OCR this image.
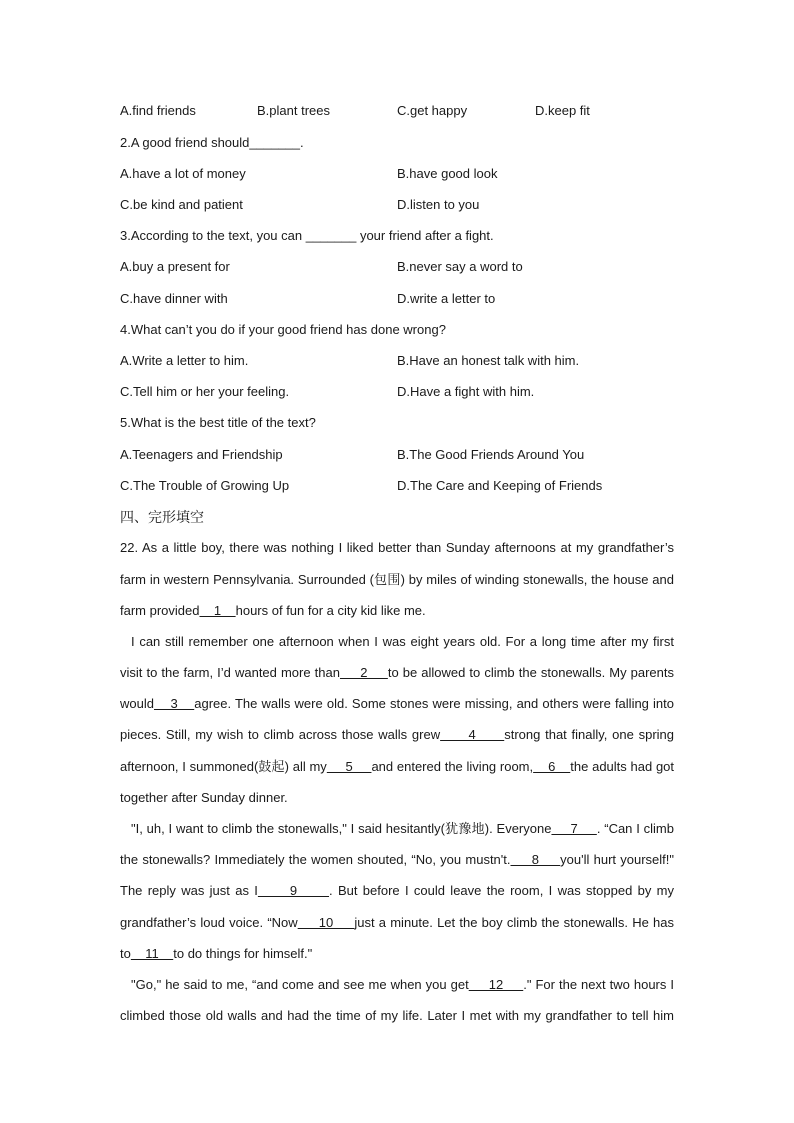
A.find friends	B.plant trees	C.get happy	D.keep fit
2.A good friend should_______.
A.have a lot of money	B.have good look
C.be kind and patient	D.listen to you
3.According to the text, you can _______ your friend after a fight.
A.buy a present for	B.never say a word to
C.have dinner with	D.write a letter to
4.What can’t you do if your good friend has done wrong?
A.Write a letter to him.	B.Have an honest talk with him.
C.Tell him or her your feeling.	D.Have a fight with him.
5.What is the best title of the text?
A.Teenagers and Friendship	B.The Good Friends Around You
C.The Trouble of Growing Up	D.The Care and Keeping of Friends
四、完形填空
22. As a little boy, there was nothing I liked better than Sunday afternoons at my grandfather’s
farm in western Pennsylvania. Surrounded (包围) by miles of winding stonewalls, the house and
farm provided    1    hours of fun for a city kid like me.
I can still remember one afternoon when I was eight years old. For a long time after my first
visit to the farm, I’d wanted more than     2     to be allowed to climb the stonewalls. My parents
would    3    agree. The walls were old. Some stones were missing, and others were falling into
pieces. Still, my wish to climb across those walls grew      4      strong that finally, one spring
afternoon, I summoned(鼓起) all my     5     and entered the living room,    6    the adults had got
together after Sunday dinner.
"I, uh, I want to climb the stonewalls," I said hesitantly(犹豫地). Everyone     7     . “Can I climb
the stonewalls? Immediately the women shouted, “No, you mustn't.     8     you'll hurt yourself!"
The reply was just as I      9      . But before I could leave the room, I was stopped by my
grandfather’s loud voice. “Now     10     just a minute. Let the boy climb the stonewalls. He has
to    11    to do things for himself."
"Go," he said to me, “and come and see me when you get     12     ." For the next two hours I
climbed those old walls and had the time of my life. Later I met with my grandfather to tell him
